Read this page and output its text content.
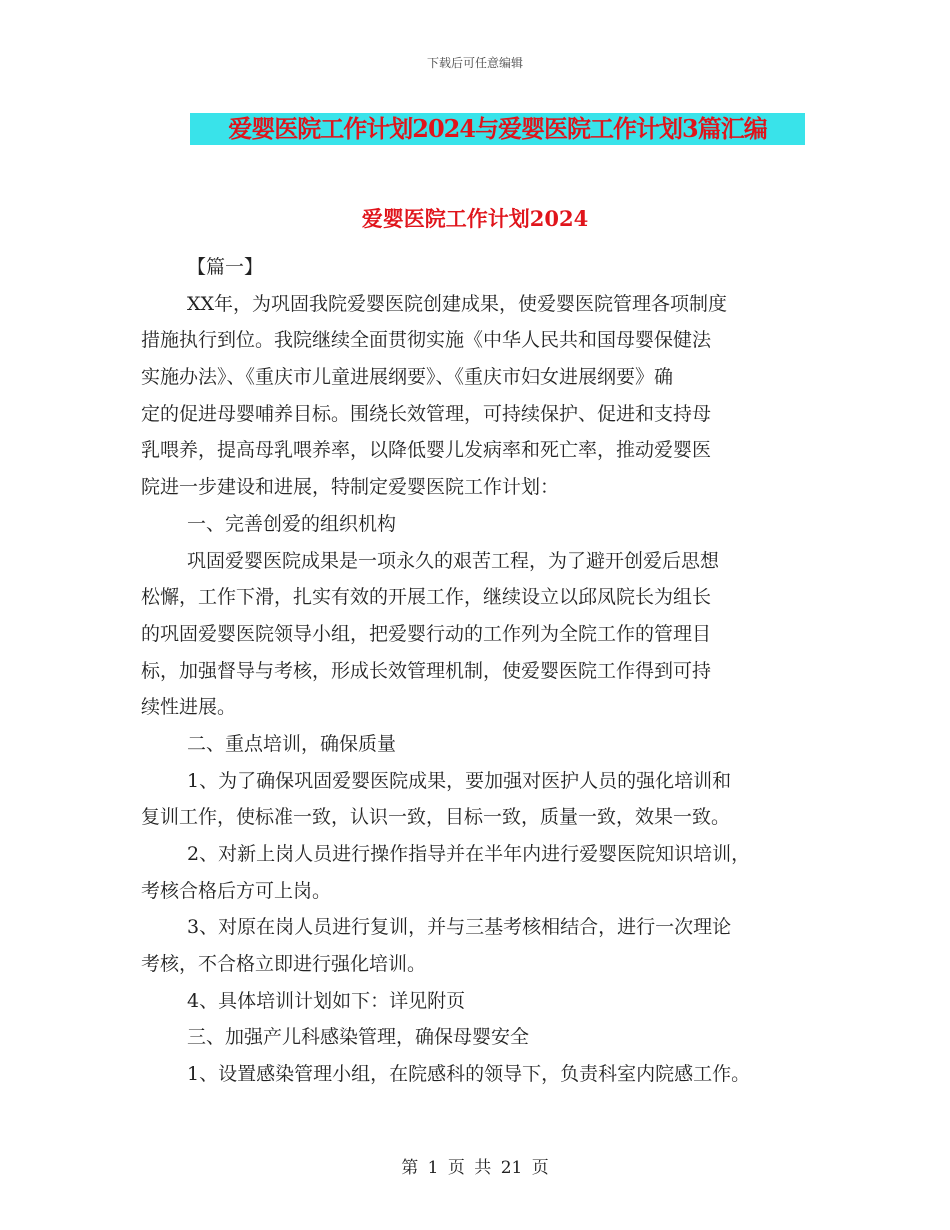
下载后可任意编辑
爱婴医院工作计划2024与爱婴医院工作计划3篇汇编
爱婴医院工作计划2024
【篇一】
XX年，为巩固我院爱婴医院创建成果，使爱婴医院管理各项制度
措施执行到位。我院继续全面贯彻实施《中华人民共和国母婴保健法
实施办法》、《重庆市儿童进展纲要》、《重庆市妇女进展纲要》确
定的促进母婴哺养目标。围绕长效管理，可持续保护、促进和支持母
乳喂养，提高母乳喂养率，以降低婴儿发病率和死亡率，推动爱婴医
院进一步建设和进展，特制定爱婴医院工作计划：
一、完善创爱的组织机构
巩固爱婴医院成果是一项永久的艰苦工程，为了避开创爱后思想
松懈，工作下滑，扎实有效的开展工作，继续设立以邱凤院长为组长
的巩固爱婴医院领导小组，把爱婴行动的工作列为全院工作的管理目
标，加强督导与考核，形成长效管理机制，使爱婴医院工作得到可持
续性进展。
二、重点培训，确保质量
1、为了确保巩固爱婴医院成果，要加强对医护人员的强化培训和
复训工作，使标准一致，认识一致，目标一致，质量一致，效果一致。
2、对新上岗人员进行操作指导并在半年内进行爱婴医院知识培训，
考核合格后方可上岗。
3、对原在岗人员进行复训，并与三基考核相结合，进行一次理论
考核，不合格立即进行强化培训。
4、具体培训计划如下：详见附页
三、加强产儿科感染管理，确保母婴安全
1、设置感染管理小组，在院感科的领导下，负责科室内院感工作。
第 1 页 共 21 页
